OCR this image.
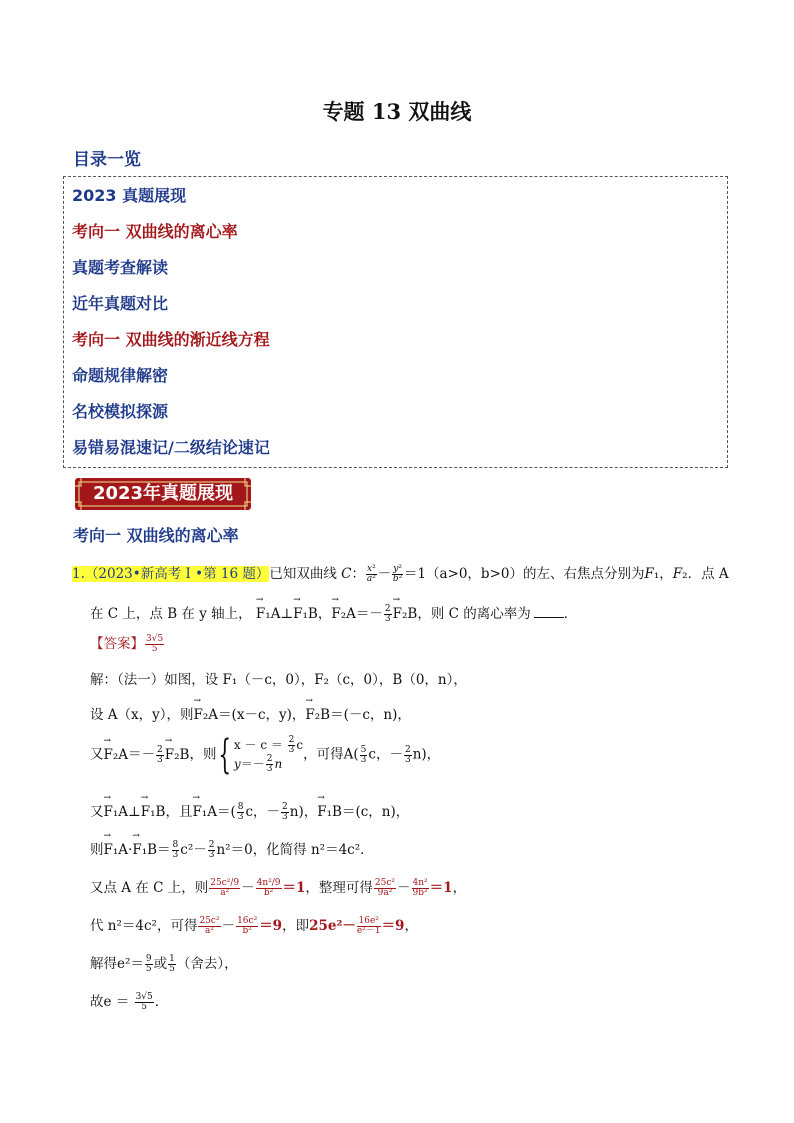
专题 13 双曲线
目录一览
2023 真题展现
考向一 双曲线的离心率
真题考查解读
近年真题对比
考向一 双曲线的渐近线方程
命题规律解密
名校模拟探源
易错易混速记/二级结论速记
2023年真题展现
考向一 双曲线的离心率
1.（2023•新高考 I •第 16 题）已知双曲线 C： $\frac{\text{x²}}{\text{a²}} - \frac{\text{y²}}{\text{b²}} =1(a>0$，b>0）的左、右焦点分别为F₁，F₂．点 A
在 C 上，点 B 在 y 轴上， → F₁A⊥→ F₁B，→ $F_2A=- \frac{2}{3}$
→ F₂B，则 C 的离心率为 ．
【答案】 $\frac{3√5}{5}$
解：（法一）如图，设 F₁（－c，0），F₂（c，0），B（0，n），
设 A（x，y），则→ F₂A＝(x－c，y)，→ F₂B＝(－c，n)，
又→ $F_2A=- \frac{2}{3}$
→ F₂B，则{ $x - c = \frac{2}{3}$ c
$y=- \frac{2}{3}$ n
，可得$A( \frac{5}{3}$ c，－ $\frac{2}{3} n$)，
又→ F₁A⊥→ F₁B，且→ $F_1A=( \frac{8}{3}$ c，－ $\frac{2}{3} n$)，→ F₁B＝(c，n)，
则→ $F_1A\cdot\to F_1B= \frac{8}{3} c^2- \frac{2}{3} n^2=0$，化简得 n²＝4c²．
又点 A 在 C 上，则 $\frac{\text{25c²/9}}{\text{a²}} - \frac{\text{4n²/9}}{\text{b²}} =1$，整理可得 $\frac{\text{25c²}}{\text{9a²}} - \frac{\text{4n²}}{\text{9b²}} =1$，
代 n²＝4c²，可得 $\frac{\text{25c²}}{\text{a²}} - \frac{\text{16c²}}{\text{b²}} =9$，即$25e^2- \frac{\text{16e²}}{\text{e²－1}} =9$，
解得$e^2= \frac{9}{5}$ 或 $\frac{1}{5}$ （舍去），
故$e = \frac{3√5}{5}$ ．
